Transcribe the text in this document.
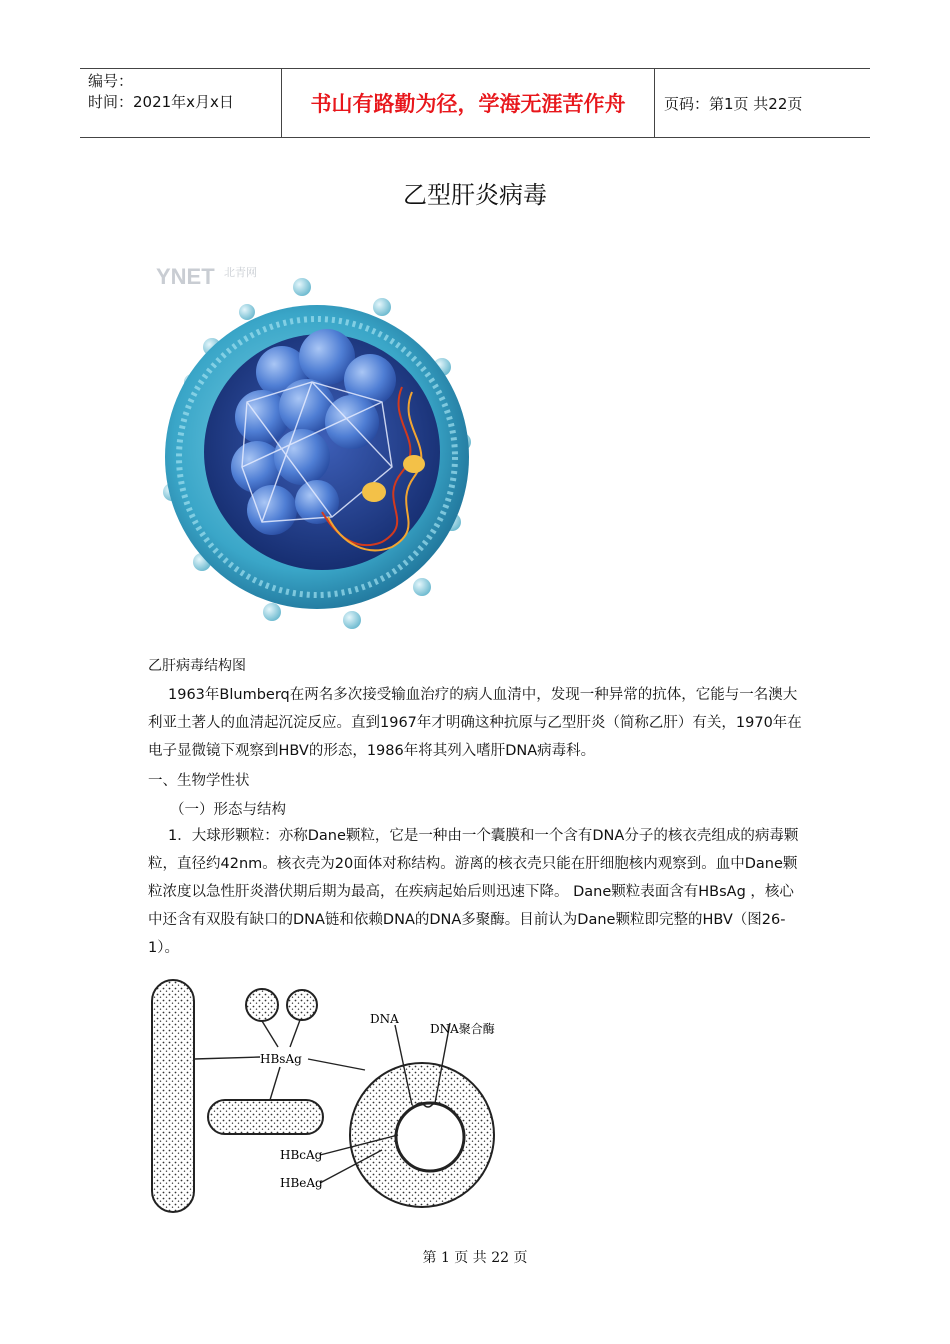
编号：
时间：2021年x月x日	书山有路勤为径，学海无涯苦作舟	页码：第1页 共22页
乙型肝炎病毒
YNET 北青网
乙肝病毒结构图
1963年Blumberq在两名多次接受输血治疗的病人血清中，发现一种异常的抗体，它能与一名澳大利亚土著人的血清起沉淀反应。直到1967年才明确这种抗原与乙型肝炎（简称乙肝）有关，1970年在电子显微镜下观察到HBV的形态，1986年将其列入嗜肝DNA病毒科。
一、生物学性状
（一）形态与结构
1．大球形颗粒：亦称Dane颗粒，它是一种由一个囊膜和一个含有DNA分子的核衣壳组成的病毒颗粒，直径约42nm。核衣壳为20面体对称结构。游离的核衣壳只能在肝细胞核内观察到。血中Dane颗粒浓度以急性肝炎潜伏期后期为最高，在疾病起始后则迅速下降。 Dane颗粒表面含有HBsAg ，核心中还含有双股有缺口的DNA链和依赖DNA的DNA多聚酶。目前认为Dane颗粒即完整的HBV（图26-1）。
HBsAg
DNA
DNA聚合酶
HBcAg
HBeAg
第 1 页 共 22 页
